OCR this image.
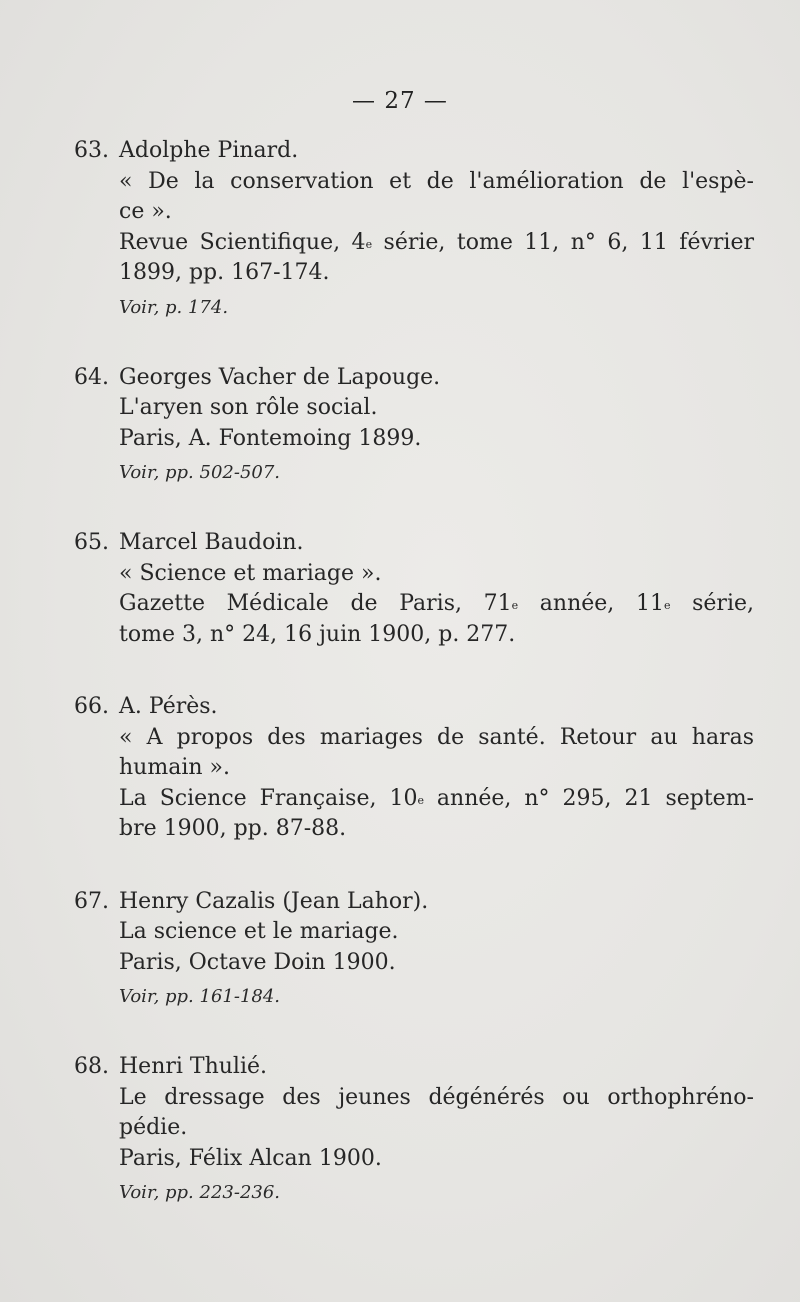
— 27 —
63. Adolphe Pinard.
« De la conservation et de l'amélioration de l'espè-
ce ».
Revue Scientifique, 4e série, tome 11, n° 6, 11 février
1899, pp. 167-174.
Voir, p. 174.
64. Georges Vacher de Lapouge.
L'aryen son rôle social.
Paris, A. Fontemoing 1899.
Voir, pp. 502-507.
65. Marcel Baudoin.
« Science et mariage ».
Gazette Médicale de Paris, 71e année, 11e série,
tome 3, n° 24, 16 juin 1900, p. 277.
66. A. Pérès.
« A propos des mariages de santé. Retour au haras
humain ».
La Science Française, 10e année, n° 295, 21 septem-
bre 1900, pp. 87-88.
67. Henry Cazalis (Jean Lahor).
La science et le mariage.
Paris, Octave Doin 1900.
Voir, pp. 161-184.
68. Henri Thulié.
Le dressage des jeunes dégénérés ou orthophréno-
pédie.
Paris, Félix Alcan 1900.
Voir, pp. 223-236.
